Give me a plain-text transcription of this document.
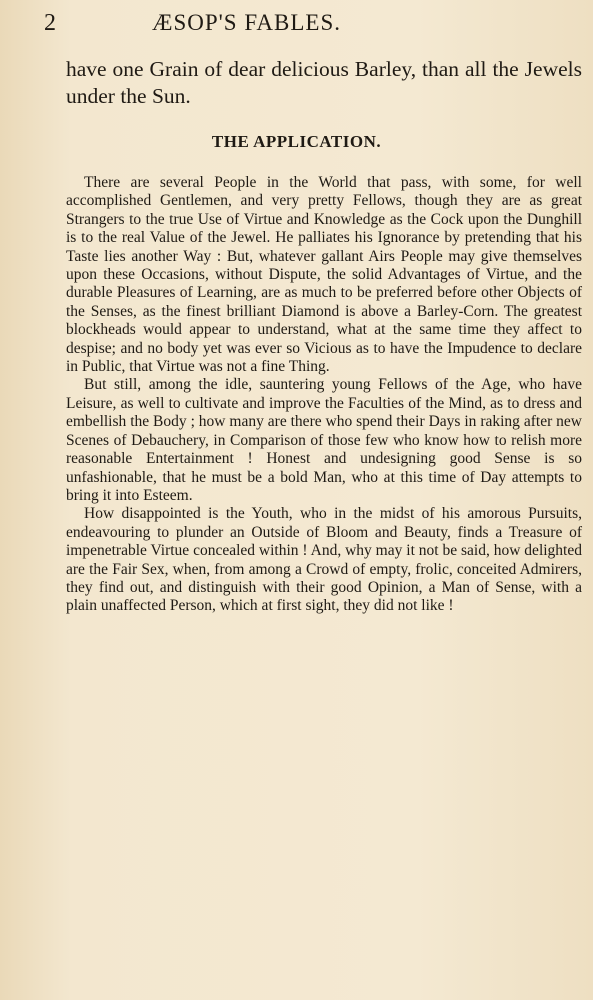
2	ÆSOP'S FABLES.

have one Grain of dear delicious Barley, than all the Jewels under the Sun.

THE APPLICATION.

There are several People in the World that pass, with some, for well accomplished Gentlemen, and very pretty Fellows, though they are as great Strangers to the true Use of Virtue and Knowledge as the Cock upon the Dunghill is to the real Value of the Jewel. He palliates his Ignorance by pretending that his Taste lies another Way : But, whatever gallant Airs People may give themselves upon these Occasions, without Dispute, the solid Advantages of Virtue, and the durable Pleasures of Learning, are as much to be preferred before other Objects of the Senses, as the finest brilliant Diamond is above a Barley-Corn. The greatest blockheads would appear to understand, what at the same time they affect to despise; and no body yet was ever so Vicious as to have the Impudence to declare in Public, that Virtue was not a fine Thing.

But still, among the idle, sauntering young Fellows of the Age, who have Leisure, as well to cultivate and improve the Faculties of the Mind, as to dress and embellish the Body ; how many are there who spend their Days in raking after new Scenes of Debauchery, in Comparison of those few who know how to relish more reasonable Entertainment ! Honest and undesigning good Sense is so unfashionable, that he must be a bold Man, who at this time of Day attempts to bring it into Esteem.

How disappointed is the Youth, who in the midst of his amorous Pursuits, endeavouring to plunder an Outside of Bloom and Beauty, finds a Treasure of impenetrable Virtue concealed within ! And, why may it not be said, how delighted are the Fair Sex, when, from among a Crowd of empty, frolic, conceited Admirers, they find out, and distinguish with their good Opinion, a Man of Sense, with a plain unaffected Person, which at first sight, they did not like !
